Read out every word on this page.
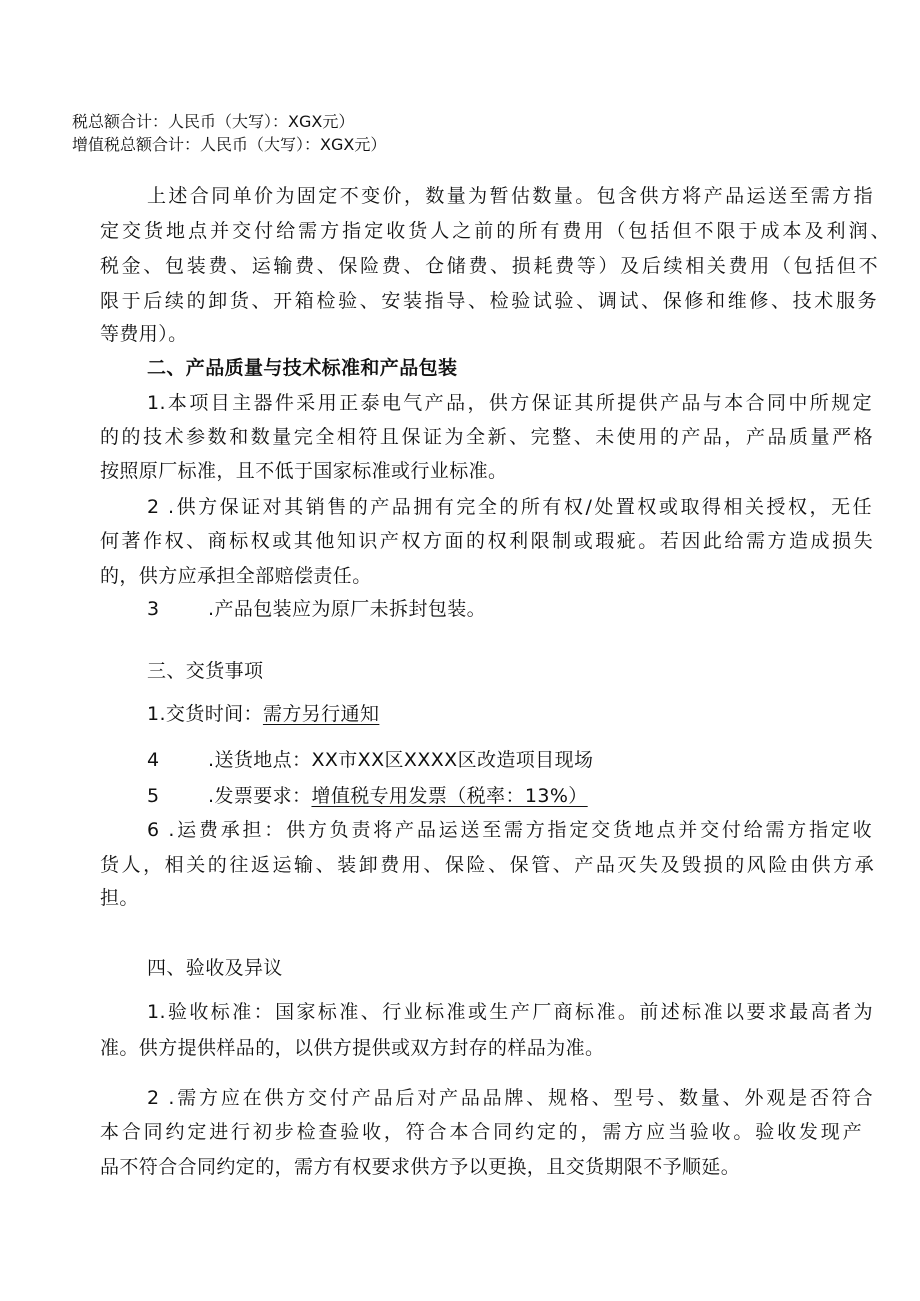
税总额合计：人民币（大写）：XGX元）

增值税总额合计：人民币（大写）：XGX元）

上述合同单价为固定不变价，数量为暂估数量。包含供方将产品运送至需方指

定交货地点并交付给需方指定收货人之前的所有费用（包括但不限于成本及利润、

税金、包装费、运输费、保险费、仓储费、损耗费等）及后续相关费用（包括但不

限于后续的卸货、开箱检验、安装指导、检验试验、调试、保修和维修、技术服务

等费用）。

二、产品质量与技术标准和产品包装

1.本项目主器件采用正泰电气产品，供方保证其所提供产品与本合同中所规定

的的技术参数和数量完全相符且保证为全新、完整、未使用的产品，产品质量严格

按照原厂标准，且不低于国家标准或行业标准。

2 .供方保证对其销售的产品拥有完全的所有权/处置权或取得相关授权，无任

何著作权、商标权或其他知识产权方面的权利限制或瑕疵。若因此给需方造成损失

的，供方应承担全部赔偿责任。

3	.产品包装应为原厂未拆封包装。

三、交货事项

1.交货时间：需方另行通知

4	.送货地点：XX市XX区XXXX区改造项目现场

5	.发票要求：增值税专用发票（税率：13%）

6 .运费承担：供方负责将产品运送至需方指定交货地点并交付给需方指定收

货人，相关的往返运输、装卸费用、保险、保管、产品灭失及毁损的风险由供方承

担。

四、验收及异议

1.验收标准：国家标准、行业标准或生产厂商标准。前述标准以要求最高者为

准。供方提供样品的，以供方提供或双方封存的样品为准。

2 .需方应在供方交付产品后对产品品牌、规格、型号、数量、外观是否符合

本合同约定进行初步检查验收，符合本合同约定的，需方应当验收。验收发现产

品不符合合同约定的，需方有权要求供方予以更换，且交货期限不予顺延。
